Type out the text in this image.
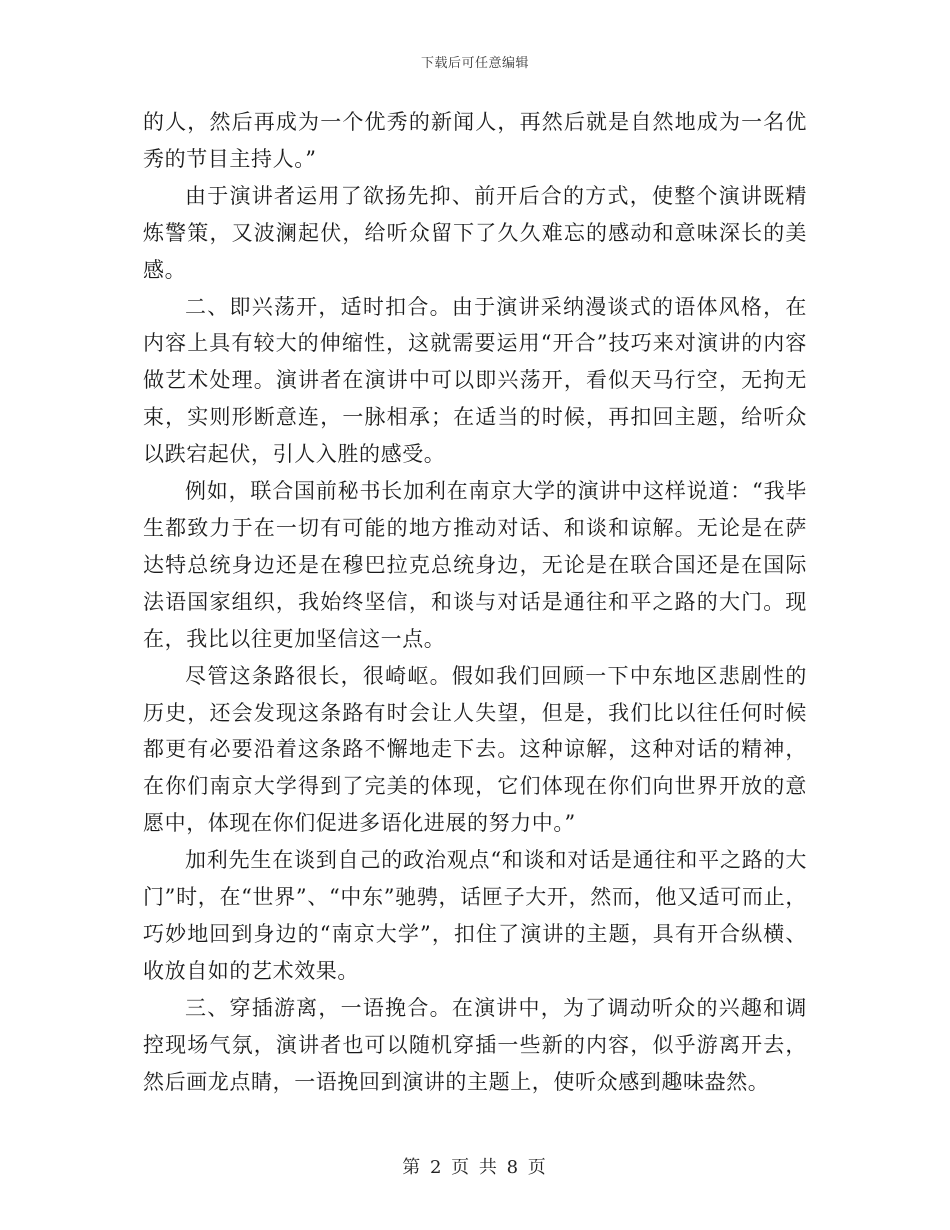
下载后可任意编辑

的人，然后再成为一个优秀的新闻人，再然后就是自然地成为一名优秀的节目主持人。”

由于演讲者运用了欲扬先抑、前开后合的方式，使整个演讲既精炼警策，又波澜起伏，给听众留下了久久难忘的感动和意味深长的美感。

二、即兴荡开，适时扣合。由于演讲采纳漫谈式的语体风格，在内容上具有较大的伸缩性，这就需要运用“开合”技巧来对演讲的内容做艺术处理。演讲者在演讲中可以即兴荡开，看似天马行空，无拘无束，实则形断意连，一脉相承；在适当的时候，再扣回主题，给听众以跌宕起伏，引人入胜的感受。

例如，联合国前秘书长加利在南京大学的演讲中这样说道：“我毕生都致力于在一切有可能的地方推动对话、和谈和谅解。无论是在萨达特总统身边还是在穆巴拉克总统身边，无论是在联合国还是在国际法语国家组织，我始终坚信，和谈与对话是通往和平之路的大门。现在，我比以往更加坚信这一点。

尽管这条路很长，很崎岖。假如我们回顾一下中东地区悲剧性的历史，还会发现这条路有时会让人失望，但是，我们比以往任何时候都更有必要沿着这条路不懈地走下去。这种谅解，这种对话的精神，在你们南京大学得到了完美的体现，它们体现在你们向世界开放的意愿中，体现在你们促进多语化进展的努力中。”

加利先生在谈到自己的政治观点“和谈和对话是通往和平之路的大门”时，在“世界”、“中东”驰骋，话匣子大开，然而，他又适可而止，巧妙地回到身边的“南京大学”，扣住了演讲的主题，具有开合纵横、收放自如的艺术效果。

三、穿插游离，一语挽合。在演讲中，为了调动听众的兴趣和调控现场气氛，演讲者也可以随机穿插一些新的内容，似乎游离开去，然后画龙点睛，一语挽回到演讲的主题上，使听众感到趣味盎然。

第 2 页 共 8 页
